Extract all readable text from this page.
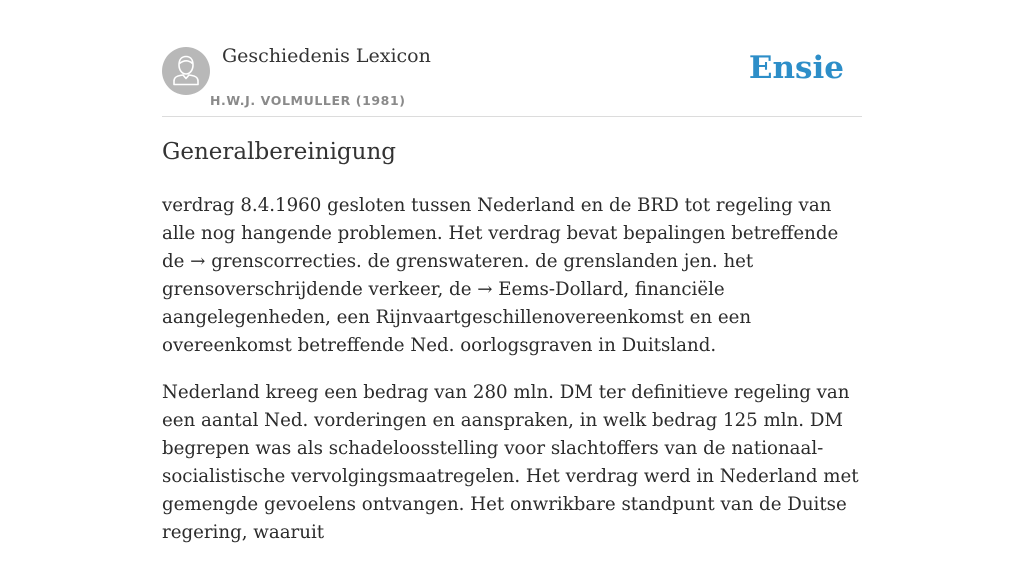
Geschiedenis Lexicon
H.W.J. VOLMULLER (1981)
Ensie
Generalbereinigung

verdrag 8.4.1960 gesloten tussen Nederland en de BRD tot regeling van alle nog hangende problemen. Het verdrag bevat bepalingen betreffende de → grenscorrecties. de grenswateren. de grenslanden jen. het grensoverschrijdende verkeer, de → Eems-Dollard, financiële aangelegenheden, een Rijnvaartgeschillenovereenkomst en een overeenkomst betreffende Ned. oorlogsgraven in Duitsland.

Nederland kreeg een bedrag van 280 mln. DM ter definitieve regeling van een aantal Ned. vorderingen en aanspraken, in welk bedrag 125 mln. DM begrepen was als schadeloosstelling voor slachtoffers van de nationaal-socialistische vervolgingsmaatregelen. Het verdrag werd in Nederland met gemengde gevoelens ontvangen. Het onwrikbare standpunt van de Duitse regering, waaruit
